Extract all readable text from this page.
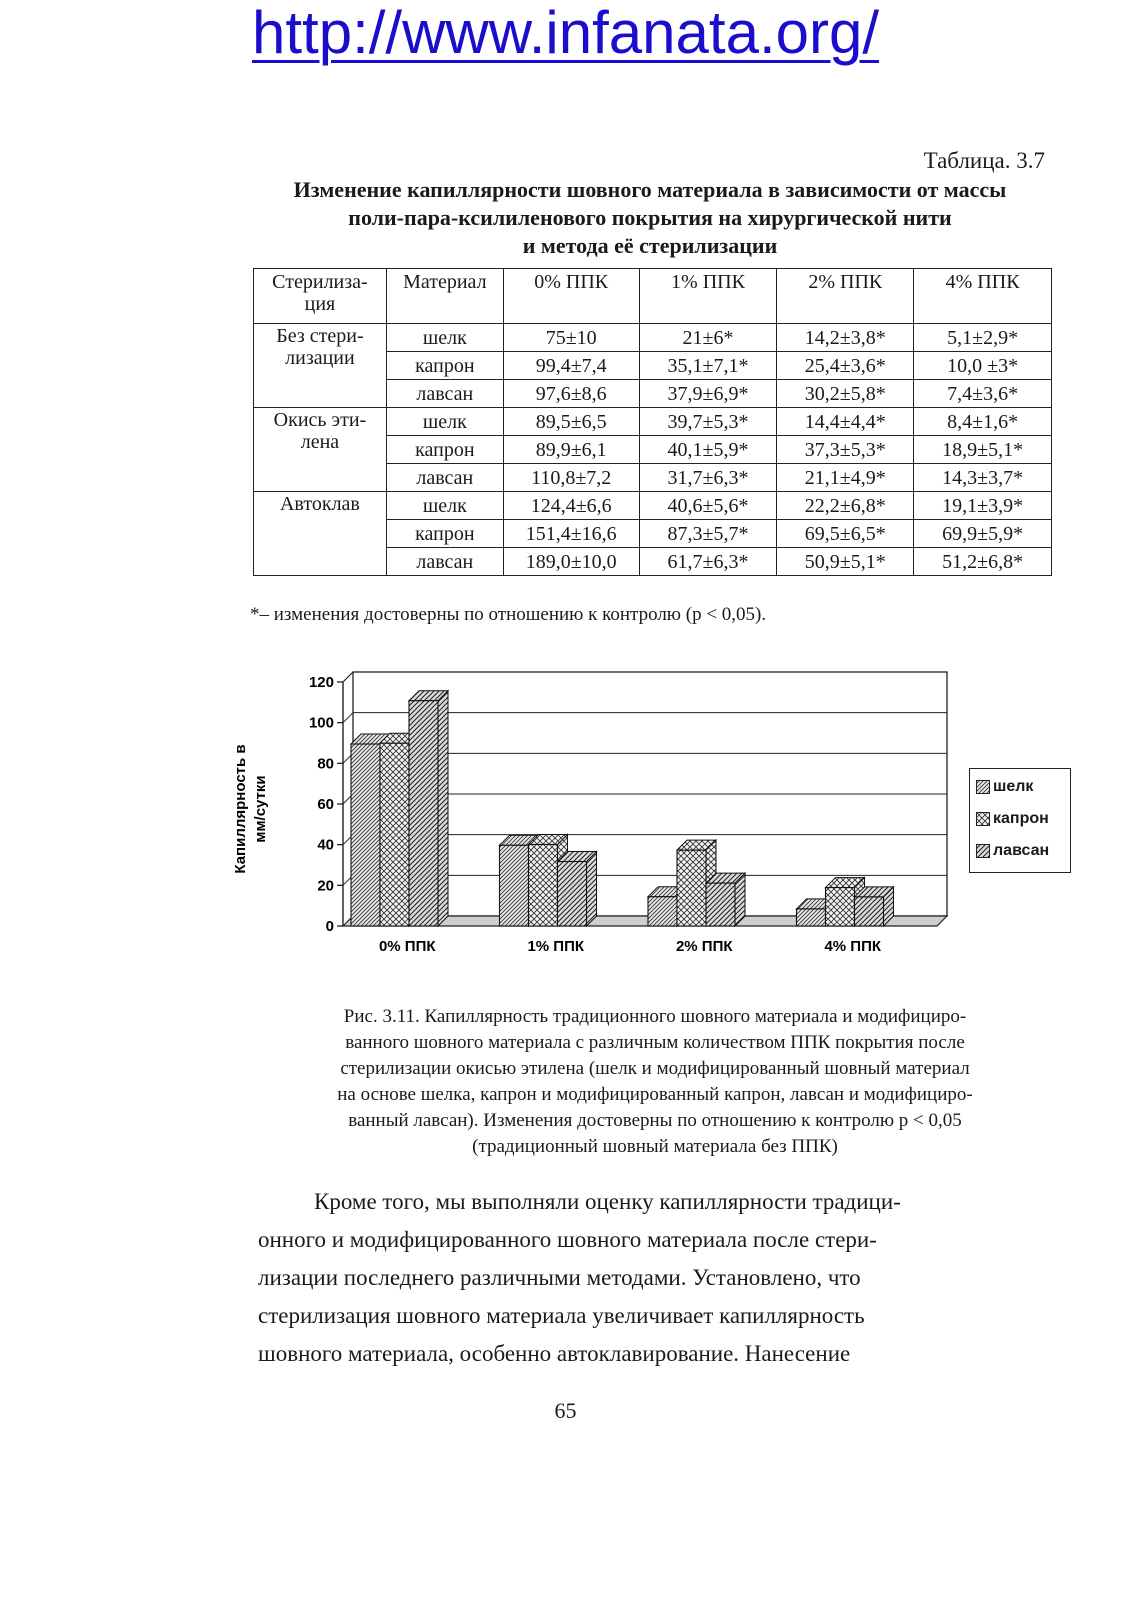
http://www.infanata.org/
Таблица. 3.7
Изменение капиллярности шовного материала в зависимости от массы
поли-пара-ксилиленового покрытия на хирургической нити
и метода её стерилизации
Стерилиза-ция	Материал	0% ППК	1% ППК	2% ППК	4% ППК
Без стери-лизации	шелк	75±10	21±6*	14,2±3,8*	5,1±2,9*
	капрон	99,4±7,4	35,1±7,1*	25,4±3,6*	10,0 ±3*
	лавсан	97,6±8,6	37,9±6,9*	30,2±5,8*	7,4±3,6*
Окись эти-лена	шелк	89,5±6,5	39,7±5,3*	14,4±4,4*	8,4±1,6*
	капрон	89,9±6,1	40,1±5,9*	37,3±5,3*	18,9±5,1*
	лавсан	110,8±7,2	31,7±6,3*	21,1±4,9*	14,3±3,7*
Автоклав	шелк	124,4±6,6	40,6±5,6*	22,2±6,8*	19,1±3,9*
	капрон	151,4±16,6	87,3±5,7*	69,5±6,5*	69,9±5,9*
	лавсан	189,0±10,0	61,7±6,3*	50,9±5,1*	51,2±6,8*
*– изменения достоверны по отношению к контролю (р < 0,05).
Капиллярность в мм/сутки
0
20
40
60
80
100
120
0% ППК	1% ППК	2% ППК	4% ППК
шелк
капрон
лавсан
Рис. 3.11. Капиллярность традиционного шовного материала и модифициро-
ванного шовного материала с различным количеством ППК покрытия после
стерилизации окисью этилена (шелк и модифицированный шовный материал
на основе шелка, капрон и модифицированный капрон, лавсан и модифициро-
ванный лавсан). Изменения достоверны по отношению к контролю р < 0,05
(традиционный шовный материала без ППК)
Кроме того, мы выполняли оценку капиллярности традици-
онного и модифицированного шовного материала после стери-
лизации последнего различными методами. Установлено, что
стерилизация шовного материала увеличивает капиллярность
шовного материала, особенно автоклавирование. Нанесение
65
